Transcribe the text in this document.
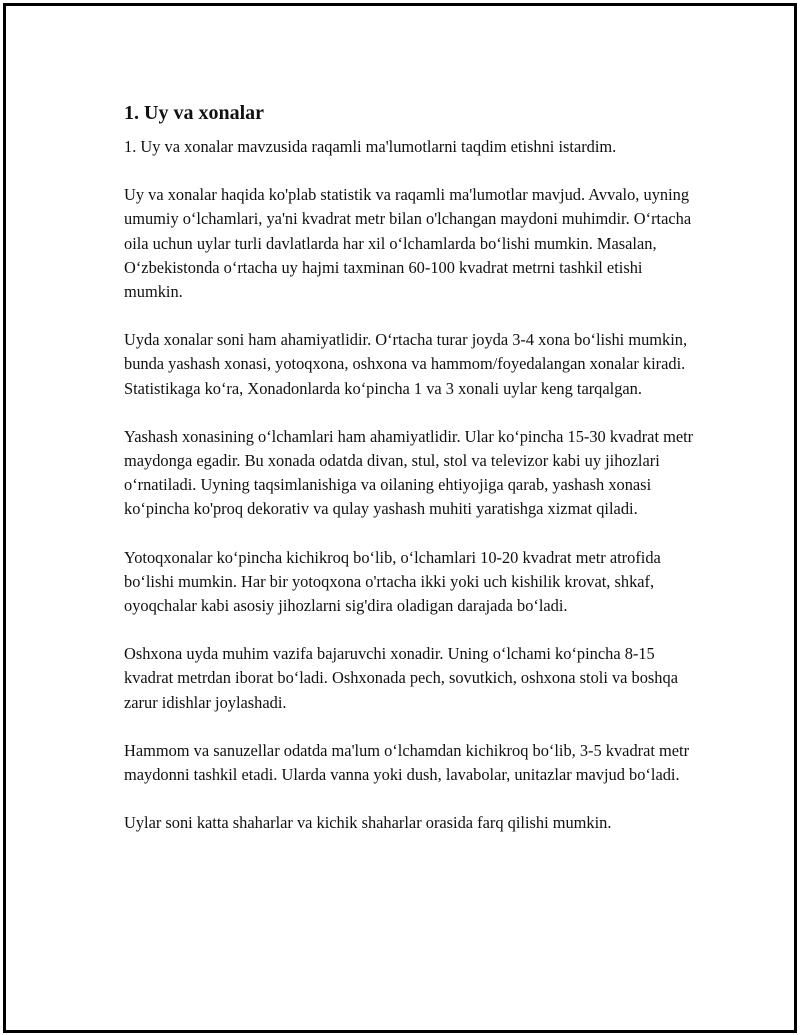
1. Uy va xonalar

1. Uy va xonalar mavzusida raqamli ma'lumotlarni taqdim etishni istardim.

Uy va xonalar haqida ko'plab statistik va raqamli ma'lumotlar mavjud. Avvalo, uyning umumiy o‘lchamlari, ya'ni kvadrat metr bilan o'lchangan maydoni muhimdir. O‘rtacha oila uchun uylar turli davlatlarda har xil o‘lchamlarda bo‘lishi mumkin. Masalan, O‘zbekistonda o‘rtacha uy hajmi taxminan 60-100 kvadrat metrni tashkil etishi mumkin.

Uyda xonalar soni ham ahamiyatlidir. O‘rtacha turar joyda 3-4 xona bo‘lishi mumkin, bunda yashash xonasi, yotoqxona, oshxona va hammom/foyedalangan xonalar kiradi. Statistikaga ko‘ra, Xonadonlarda ko‘pincha 1 va 3 xonali uylar keng tarqalgan.

Yashash xonasining o‘lchamlari ham ahamiyatlidir. Ular ko‘pincha 15-30 kvadrat metr maydonga egadir. Bu xonada odatda divan, stul, stol va televizor kabi uy jihozlari o‘rnatiladi. Uyning taqsimlanishiga va oilaning ehtiyojiga qarab, yashash xonasi ko‘pincha ko'proq dekorativ va qulay yashash muhiti yaratishga xizmat qiladi.

Yotoqxonalar ko‘pincha kichikroq bo‘lib, o‘lchamlari 10-20 kvadrat metr atrofida bo‘lishi mumkin. Har bir yotoqxona o'rtacha ikki yoki uch kishilik krovat, shkaf, oyoqchalar kabi asosiy jihozlarni sig'dira oladigan darajada bo‘ladi.

Oshxona uyda muhim vazifa bajaruvchi xonadir. Uning o‘lchami ko‘pincha 8-15 kvadrat metrdan iborat bo‘ladi. Oshxonada pech, sovutkich, oshxona stoli va boshqa zarur idishlar joylashadi.

Hammom va sanuzellar odatda ma'lum o‘lchamdan kichikroq bo‘lib, 3-5 kvadrat metr maydonni tashkil etadi. Ularda vanna yoki dush, lavabolar, unitazlar mavjud bo‘ladi.

Uylar soni katta shaharlar va kichik shaharlar orasida farq qilishi mumkin.
